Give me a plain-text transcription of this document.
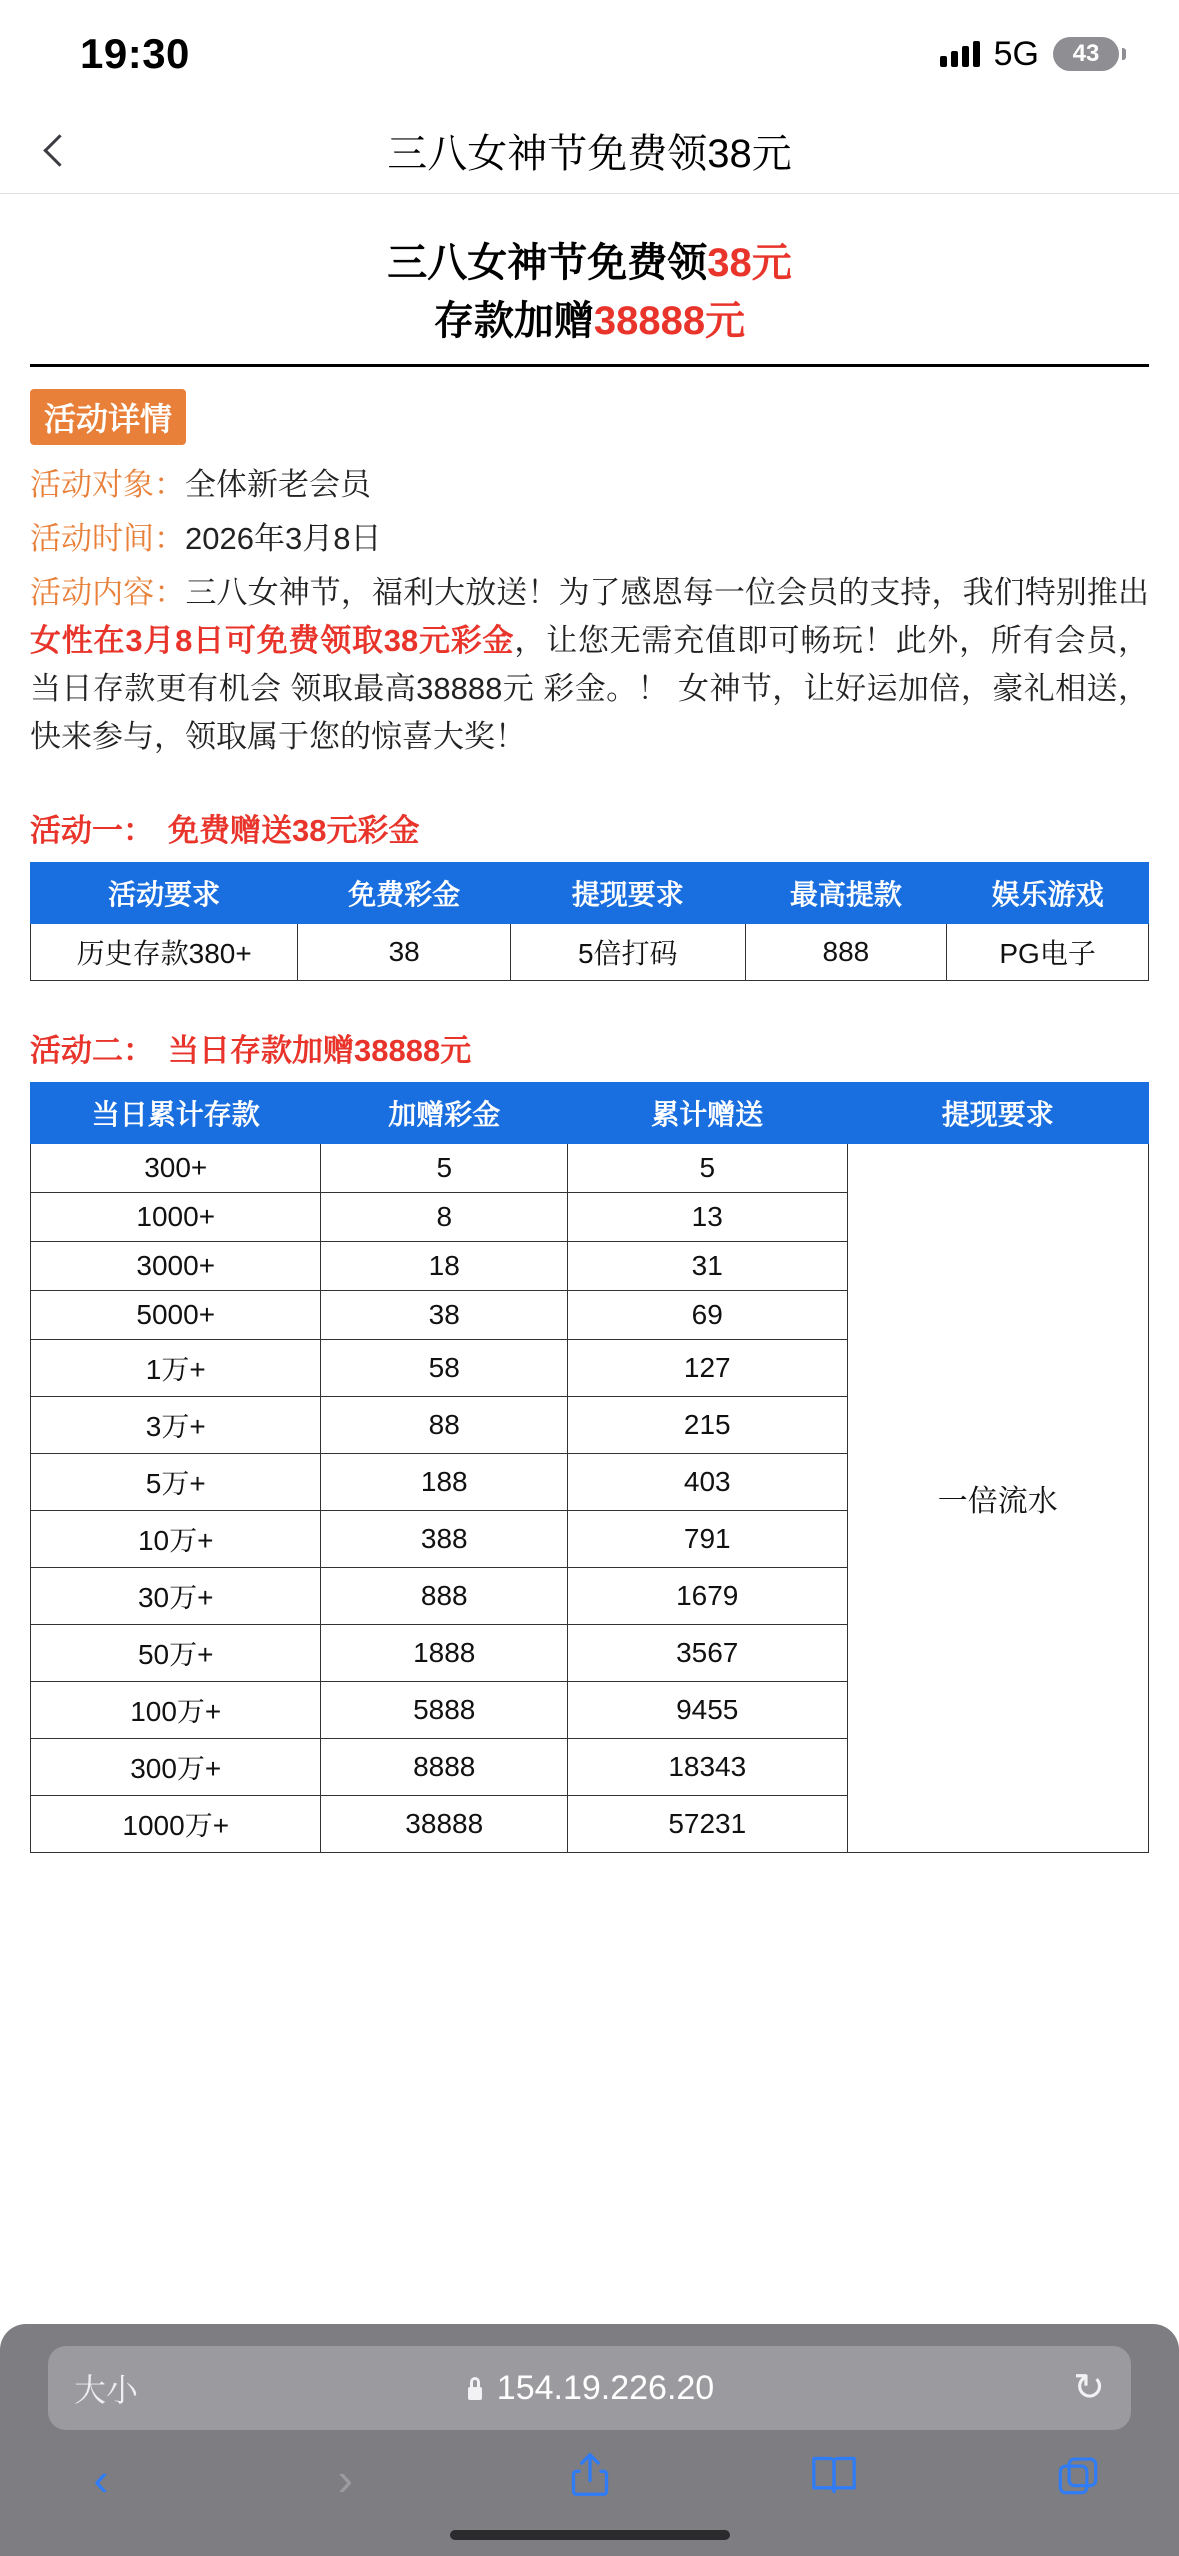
19:30	5G	43
三八女神节免费领38元
三八女神节免费领38元
存款加赠38888元
活动详情
活动对象：全体新老会员
活动时间：2026年3月8日
活动内容：三八女神节，福利大放送！为了感恩每一位会员的支持，我们特别推出女性在3月8日可免费领取38元彩金，让您无需充值即可畅玩！此外，所有会员，当日存款更有机会 领取最高38888元 彩金。！ 女神节，让好运加倍，豪礼相送，快来参与，领取属于您的惊喜大奖！
活动一： 免费赠送38元彩金
活动要求	免费彩金	提现要求	最高提款	娱乐游戏
历史存款380+	38	5倍打码	888	PG电子
活动二： 当日存款加赠38888元
当日累计存款	加赠彩金	累计赠送	提现要求
300+	5	5	一倍流水
1000+	8	13	
3000+	18	31	
5000+	38	69	
1万+	58	127	
3万+	88	215	
5万+	188	403	
10万+	388	791	
30万+	888	1679	
50万+	1888	3567	
100万+	5888	9455	
300万+	8888	18343	
1000万+	38888	57231	
大小	154.19.226.20	↻
‹	›
